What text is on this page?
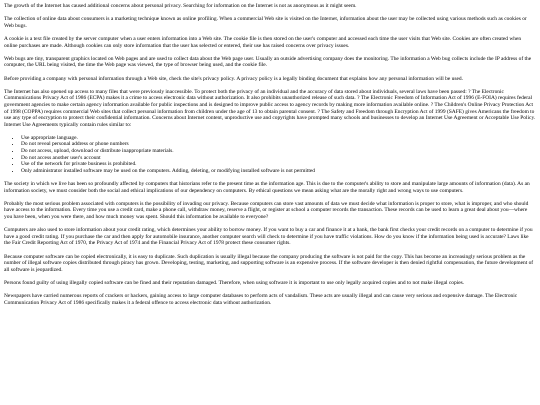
The growth of the Internet has caused additional concerns about personal privacy. Searching for information on the Internet is not as anonymous as it might seem.

The collection of online data about consumers is a marketing technique known as online profiling. When a commercial Web site is visited on the Internet, information about the user may be collected using various methods such as cookies or Web bugs.

A cookie is a text file created by the server computer when a user enters information into a Web site. The cookie file is then stored on the user's computer and accessed each time the user visits that Web site. Cookies are often created when online purchases are made. Although cookies can only store information that the user has selected or entered, their use has raised concerns over privacy issues.

Web bugs are tiny, transparent graphics located on Web pages and are used to collect data about the Web page user. Usually an outside advertising company does the monitoring. The information a Web bug collects include the IP address of the computer, the URL being visited, the time the Web page was viewed, the type of browser being used, and the cookie file.

Before providing a company with personal information through a Web site, check the site's privacy policy. A privacy policy is a legally binding document that explains how any personal information will be used.

The Internet has also opened up access to many files that were previously inaccessible. To protect both the privacy of an individual and the accuracy of data stored about individuals, several laws have been passed: ? The Electronic Communications Privacy Act of 1986 (ECPA) makes it a crime to access electronic data without authorization. It also prohibits unauthorized release of such data. ? The Electronic Freedom of Information Act of 1996 (E-FOIA) requires federal government agencies to make certain agency information available for public inspections and is designed to improve public access to agency records by making more information available online. ? The Children's Online Privacy Protection Act of 1998 (COPPA) requires commercial Web sites that collect personal information from children under the age of 13 to obtain parental consent. ? The Safety and Freedom through Encryption Act of 1999 (SAFE) gives Americans the freedom to use any type of encryption to protect their confidential information. Concerns about Internet content, unproductive use and copyrights have prompted many schools and businesses to develop an Internet Use Agreement or Acceptable Use Policy. Internet Use Agreements typically contain rules similar to:

• Use appropriate language.
• Do not reveal personal address or phone numbers
• Do not access, upload, download or distribute inappropriate materials.
• Do not access another user's account
• Use of the network for private business is prohibited.
• Only administrator installed software may be used on the computers. Adding, deleting, or modifying installed software is not permitted

The society in which we live has been so profoundly affected by computers that historians refer to the present time as the information age. This is due to the computer's ability to store and manipulate large amounts of information (data). As an information society, we must consider both the social and ethical implications of our dependency on computers. By ethical questions we mean asking what are the morally right and wrong ways to use computers.

Probably the most serious problem associated with computers is the possibility of invading our privacy. Because computers can store vast amounts of data we must decide what information is proper to store, what is improper, and who should have access to the information. Every time you use a credit card, make a phone call, withdraw money, reserve a flight, or register at school a computer records the transaction. These records can be used to learn a great deal about you—where you have been, when you were there, and how much money was spent. Should this information be available to everyone?

Computers are also used to store information about your credit rating, which determines your ability to borrow money. If you want to buy a car and finance it at a bank, the bank first checks your credit records on a computer to determine if you have a good credit rating. If you purchase the car and then apply for automobile insurance, another computer search will check to determine if you have traffic violations. How do you know if the information being used is accurate? Laws like the Fair Credit Reporting Act of 1970, the Privacy Act of 1974 and the Financial Privacy Act of 1978 protect these consumer rights.

Because computer software can be copied electronically, it is easy to duplicate. Such duplication is usually illegal because the company producing the software is not paid for the copy. This has become an increasingly serious problem as the number of illegal software copies distributed through piracy has grown. Developing, testing, marketing, and supporting software is an expensive process. If the software developer is then denied rightful compensation, the future development of all software is jeopardized.

Persons found guilty of using illegally copied software can be fined and their reputation damaged. Therefore, when using software it is important to use only legally acquired copies and to not make illegal copies.

Newspapers have carried numerous reports of crackers or hackers, gaining access to large computer databases to perform acts of vandalism. These acts are usually illegal and can cause very serious and expensive damage. The Electronic Communication Privacy Act of 1986 specifically makes it a federal offence to access electronic data without authorization.
